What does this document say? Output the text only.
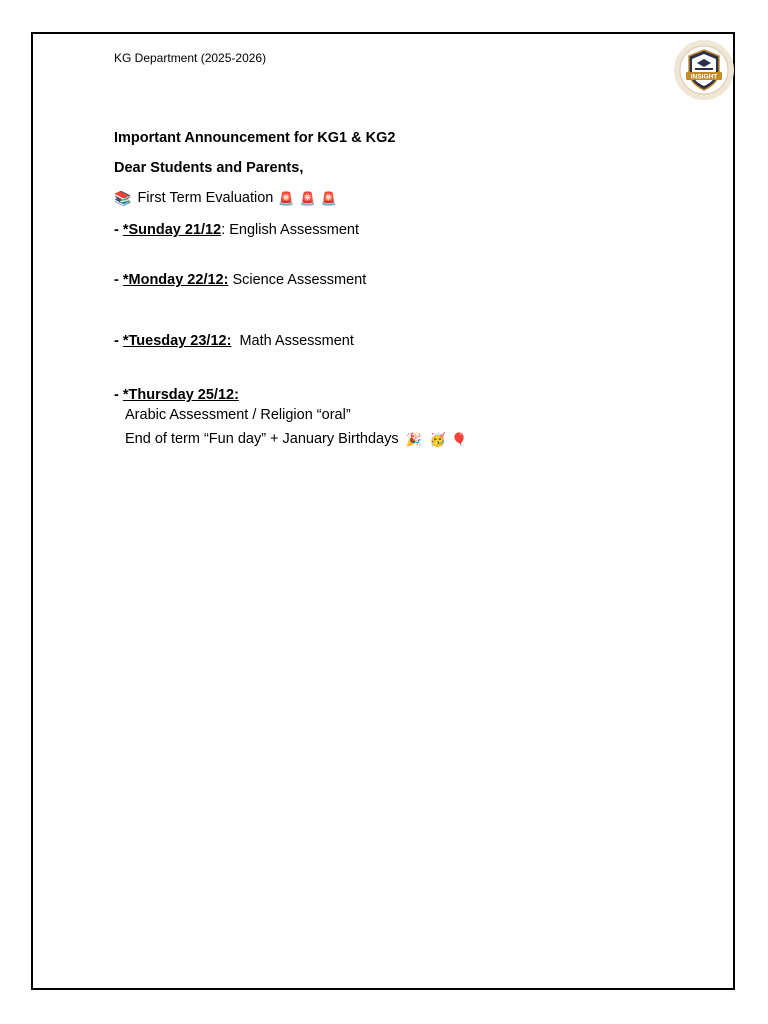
KG Department (2025-2026)
INSIGHT

Important Announcement for KG1 & KG2

Dear Students and Parents,

📚 First Term Evaluation 🚨 🚨 🚨

- *Sunday 21/12: English Assessment

- *Monday 22/12: Science Assessment

- *Tuesday 23/12:  Math Assessment

- *Thursday 25/12:

Arabic Assessment / Religion “oral”

End of term “Fun day” + January Birthdays 🎉 🥳 🎈
